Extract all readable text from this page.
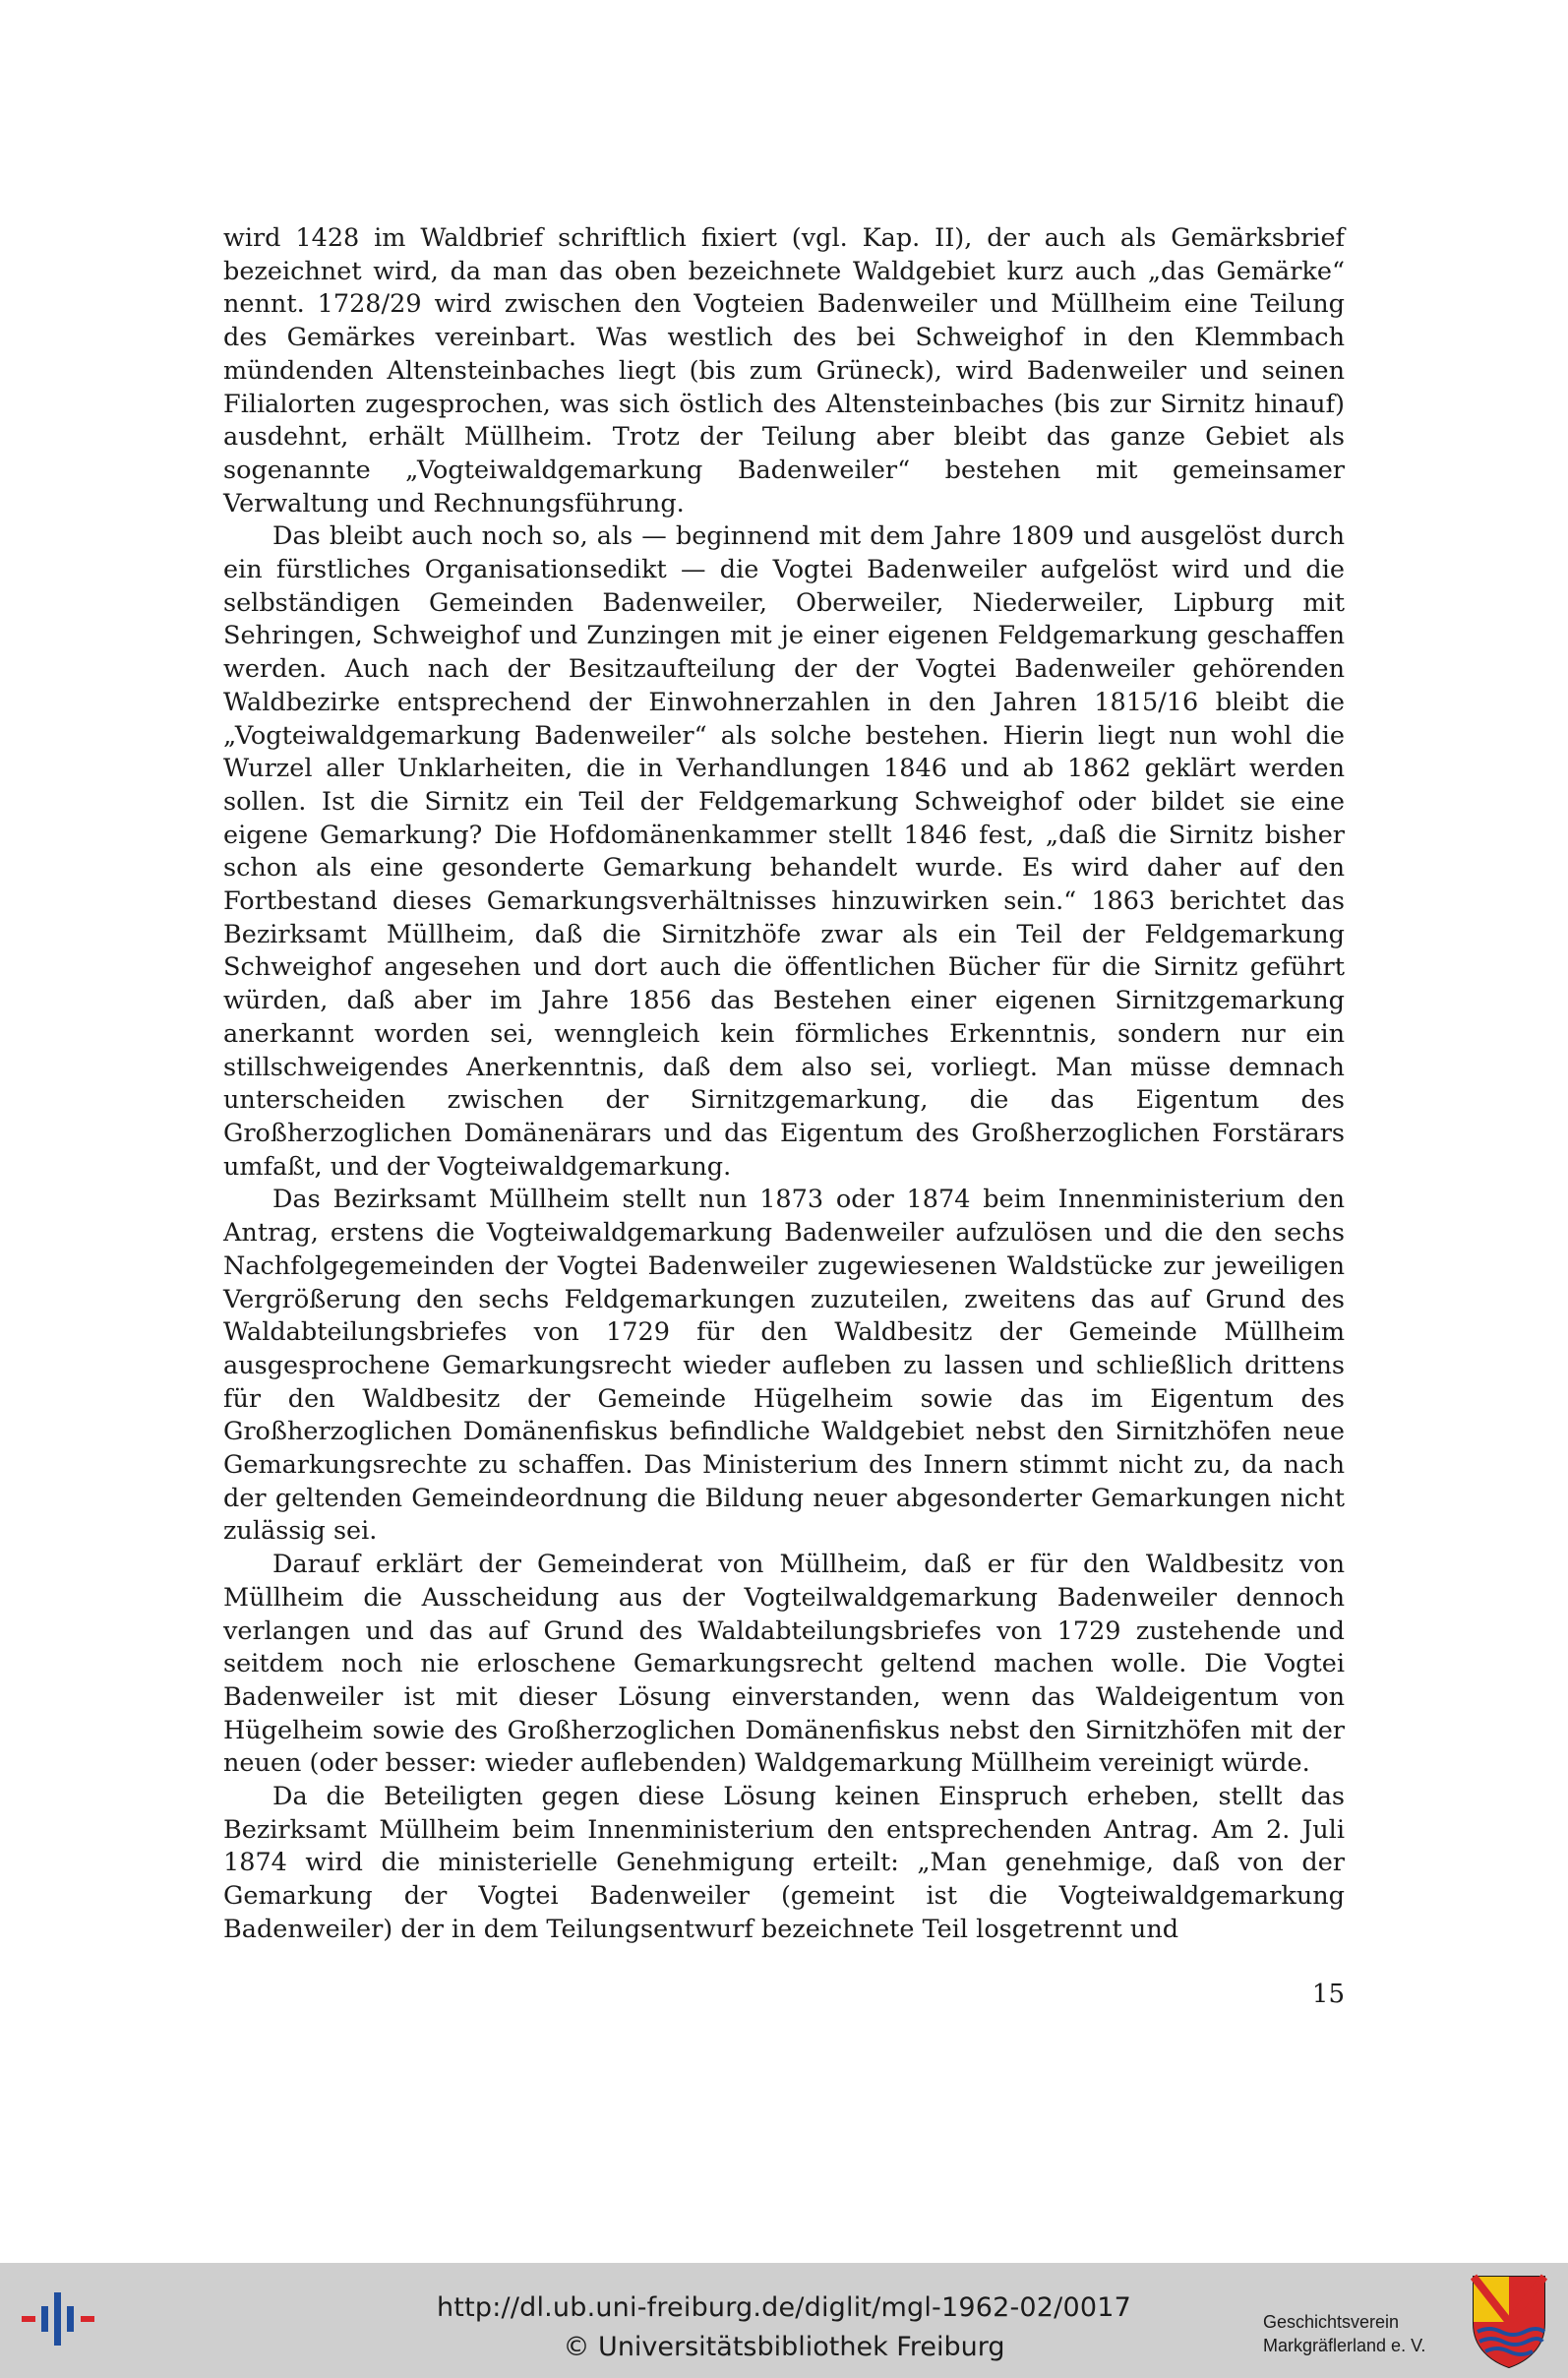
wird 1428 im Waldbrief schriftlich fixiert (vgl. Kap. II), der auch als Gemärksbrief bezeichnet wird, da man das oben bezeichnete Waldgebiet kurz auch „das Gemärke“ nennt. 1728/29 wird zwischen den Vogteien Badenweiler und Müllheim eine Teilung des Gemärkes vereinbart. Was westlich des bei Schweighof in den Klemmbach mündenden Altensteinbaches liegt (bis zum Grüneck), wird Badenweiler und seinen Filialorten zugesprochen, was sich östlich des Altensteinbaches (bis zur Sirnitz hinauf) ausdehnt, erhält Müllheim. Trotz der Teilung aber bleibt das ganze Gebiet als sogenannte „Vogteiwaldgemarkung Badenweiler“ bestehen mit gemeinsamer Verwaltung und Rechnungsführung.

Das bleibt auch noch so, als — beginnend mit dem Jahre 1809 und ausgelöst durch ein fürstliches Organisationsedikt — die Vogtei Badenweiler aufgelöst wird und die selbständigen Gemeinden Badenweiler, Oberweiler, Niederweiler, Lipburg mit Sehringen, Schweighof und Zunzingen mit je einer eigenen Feldgemarkung geschaffen werden. Auch nach der Besitzaufteilung der der Vogtei Badenweiler gehörenden Waldbezirke entsprechend der Einwohnerzahlen in den Jahren 1815/16 bleibt die „Vogteiwaldgemarkung Badenweiler“ als solche bestehen. Hierin liegt nun wohl die Wurzel aller Unklarheiten, die in Verhandlungen 1846 und ab 1862 geklärt werden sollen. Ist die Sirnitz ein Teil der Feldgemarkung Schweighof oder bildet sie eine eigene Gemarkung? Die Hofdomänenkammer stellt 1846 fest, „daß die Sirnitz bisher schon als eine gesonderte Gemarkung behandelt wurde. Es wird daher auf den Fortbestand dieses Gemarkungsverhältnisses hinzuwirken sein.“ 1863 berichtet das Bezirksamt Müllheim, daß die Sirnitzhöfe zwar als ein Teil der Feldgemarkung Schweighof angesehen und dort auch die öffentlichen Bücher für die Sirnitz geführt würden, daß aber im Jahre 1856 das Bestehen einer eigenen Sirnitzgemarkung anerkannt worden sei, wenngleich kein förmliches Erkenntnis, sondern nur ein stillschweigendes Anerkenntnis, daß dem also sei, vorliegt. Man müsse demnach unterscheiden zwischen der Sirnitzgemarkung, die das Eigentum des Großherzoglichen Domänenärars und das Eigentum des Großherzoglichen Forstärars umfaßt, und der Vogteiwaldgemarkung.

Das Bezirksamt Müllheim stellt nun 1873 oder 1874 beim Innenministerium den Antrag, erstens die Vogteiwaldgemarkung Badenweiler aufzulösen und die den sechs Nachfolgegemeinden der Vogtei Badenweiler zugewiesenen Waldstücke zur jeweiligen Vergrößerung den sechs Feldgemarkungen zuzuteilen, zweitens das auf Grund des Waldabteilungsbriefes von 1729 für den Waldbesitz der Gemeinde Müllheim ausgesprochene Gemarkungsrecht wieder aufleben zu lassen und schließlich drittens für den Waldbesitz der Gemeinde Hügelheim sowie das im Eigentum des Großherzoglichen Domänenfiskus befindliche Waldgebiet nebst den Sirnitzhöfen neue Gemarkungsrechte zu schaffen. Das Ministerium des Innern stimmt nicht zu, da nach der geltenden Gemeindeordnung die Bildung neuer abgesonderter Gemarkungen nicht zulässig sei.

Darauf erklärt der Gemeinderat von Müllheim, daß er für den Waldbesitz von Müllheim die Ausscheidung aus der Vogteilwaldgemarkung Badenweiler dennoch verlangen und das auf Grund des Waldabteilungsbriefes von 1729 zustehende und seitdem noch nie erloschene Gemarkungsrecht geltend machen wolle. Die Vogtei Badenweiler ist mit dieser Lösung einverstanden, wenn das Waldeigentum von Hügelheim sowie des Großherzoglichen Domänenfiskus nebst den Sirnitzhöfen mit der neuen (oder besser: wieder auflebenden) Waldgemarkung Müllheim vereinigt würde.

Da die Beteiligten gegen diese Lösung keinen Einspruch erheben, stellt das Bezirksamt Müllheim beim Innenministerium den entsprechenden Antrag. Am 2. Juli 1874 wird die ministerielle Genehmigung erteilt: „Man genehmige, daß von der Gemarkung der Vogtei Badenweiler (gemeint ist die Vogteiwaldgemarkung Badenweiler) der in dem Teilungsentwurf bezeichnete Teil losgetrennt und

15
http://dl.ub.uni-freiburg.de/diglit/mgl-1962-02/0017
© Universitätsbibliothek Freiburg
Geschichtsverein
Markgräflerland e. V.
